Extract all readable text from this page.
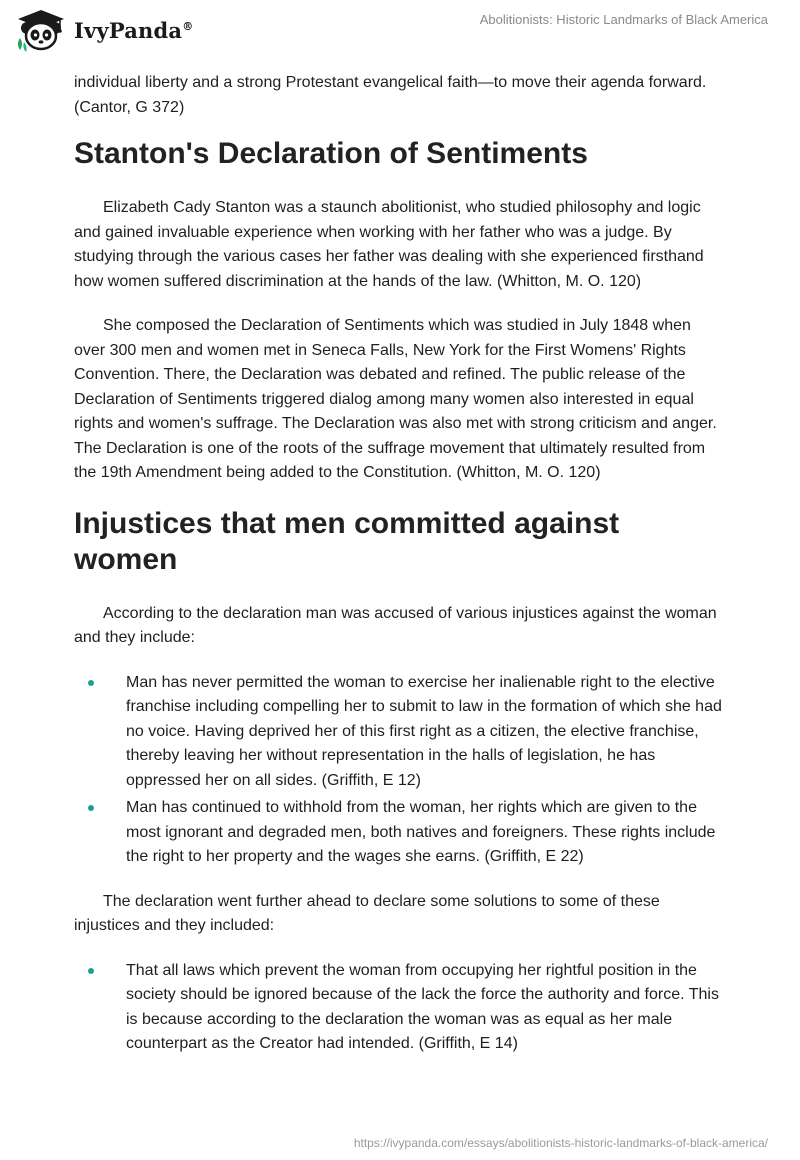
IvyPanda®	Abolitionists: Historic Landmarks of Black America

individual liberty and a strong Protestant evangelical faith—to move their agenda forward.(Cantor, G 372)

Stanton's Declaration of Sentiments

Elizabeth Cady Stanton was a staunch abolitionist, who studied philosophy and logic and gained invaluable experience when working with her father who was a judge. By studying through the various cases her father was dealing with she experienced firsthand how women suffered discrimination at the hands of the law. (Whitton, M. O. 120)

She composed the Declaration of Sentiments which was studied in July 1848 when over 300 men and women met in Seneca Falls, New York for the First Womens' Rights Convention. There, the Declaration was debated and refined. The public release of the Declaration of Sentiments triggered dialog among many women also interested in equal rights and women's suffrage. The Declaration was also met with strong criticism and anger. The Declaration is one of the roots of the suffrage movement that ultimately resulted from the 19th Amendment being added to the Constitution. (Whitton, M. O. 120)

Injustices that men committed against women

According to the declaration man was accused of various injustices against the woman and they include:

Man has never permitted the woman to exercise her inalienable right to the elective franchise including compelling her to submit to law in the formation of which she had no voice. Having deprived her of this first right as a citizen, the elective franchise, thereby leaving her without representation in the halls of legislation, he has oppressed her on all sides. (Griffith, E 12)
Man has continued to withhold from the woman, her rights which are given to the most ignorant and degraded men, both natives and foreigners. These rights include the right to her property and the wages she earns. (Griffith, E 22)

The declaration went further ahead to declare some solutions to some of these injustices and they included:

That all laws which prevent the woman from occupying her rightful position in the society should be ignored because of the lack the force the authority and force. This is because according to the declaration the woman was as equal as her male counterpart as the Creator had intended. (Griffith, E 14)
https://ivypanda.com/essays/abolitionists-historic-landmarks-of-black-america/
